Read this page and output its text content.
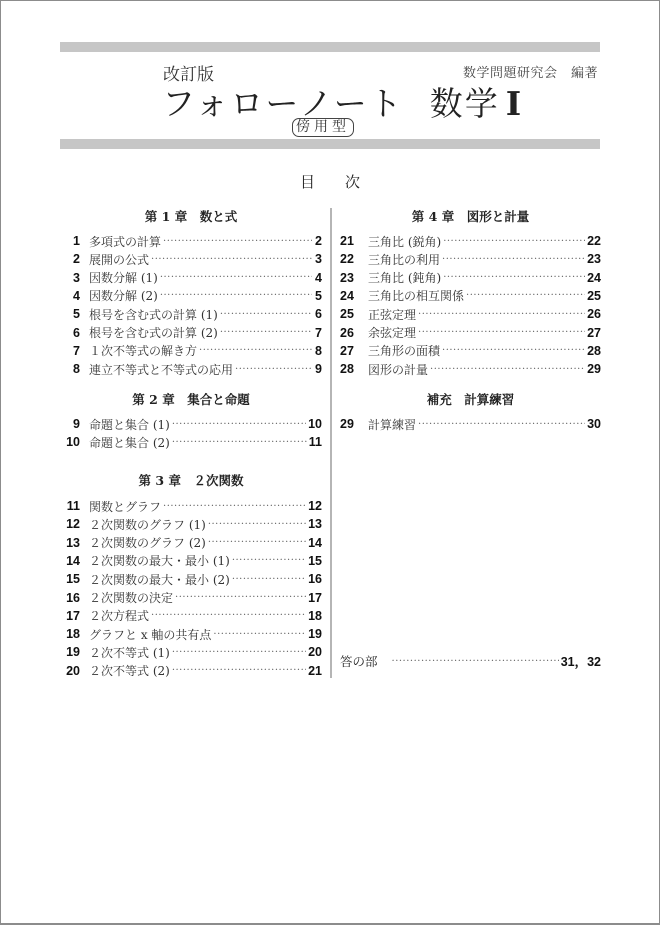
改訂版	数学問題研究会　編著
フォローノート 数学 I
傍用型
目次
第 1 章　数と式
1 多項式の計算
·····	2
2 展開の公式
·····	3
3 因数分解 (1)
·····	4
4 因数分解 (2)
·····	5
5 根号を含む式の計算 (1)
·····	6
6 根号を含む式の計算 (2)
·····	7
7 １次不等式の解き方
·····	8
8 連立不等式と不等式の応用
·····	9
第 2 章　集合と命題
9 命題と集合 (1)
·····	10
10 命題と集合 (2)
·····	11
第 3 章　２次関数
11 関数とグラフ
·····	12
12 ２次関数のグラフ (1)
·····	13
13 ２次関数のグラフ (2)
·····	14
14 ２次関数の最大・最小 (1)
·····	15
15 ２次関数の最大・最小 (2)
·····	16
16 ２次関数の決定
·····	17
17 ２次方程式
·····	18
18 グラフと x 軸の共有点
·····	19
19 ２次不等式 (1)
·····	20
20 ２次不等式 (2)
·····	21
第 4 章　図形と計量
21 三角比 (鋭角)
·····	22
22 三角比の利用
·····	23
23 三角比 (鈍角)
·····	24
24 三角比の相互関係
·····	25
25 正弦定理
·····	26
26 余弦定理
·····	27
27 三角形の面積
·····	28
28 図形の計量
·····	29
補充　計算練習
29 計算練習
·····	30
答の部
·····	31，32
